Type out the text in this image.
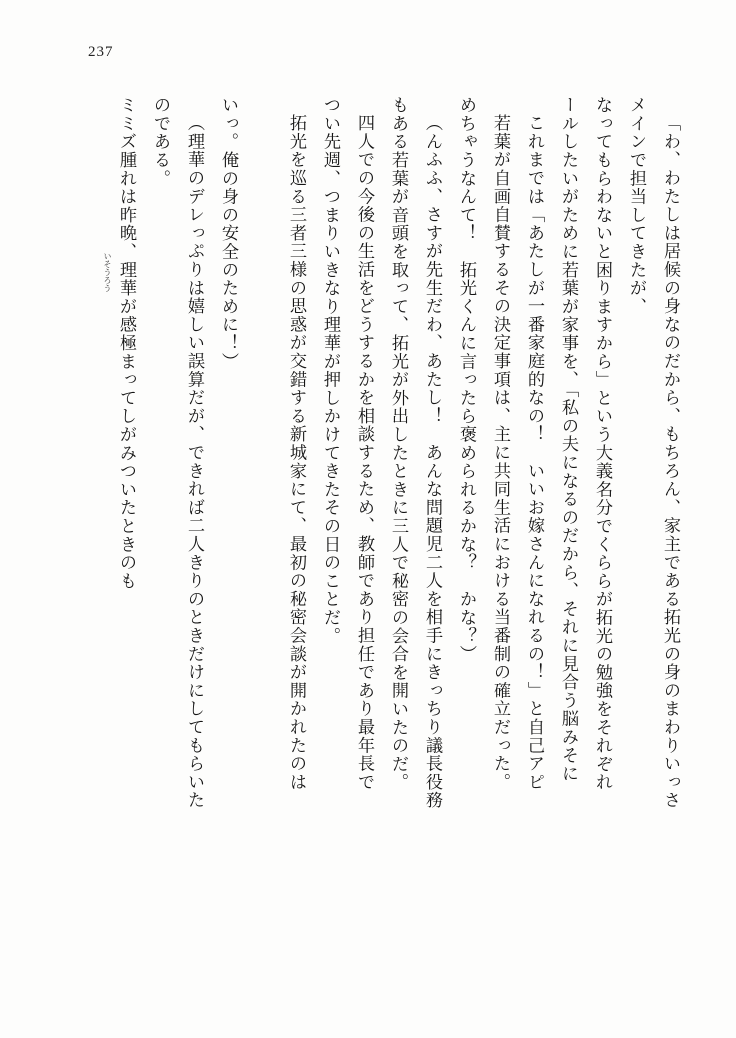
237
ミミズ腫れは昨晩、理華が感極まってしがみついたときのも のである。 （理華のデレっぷりは嬉しい誤算だが、できれば二人きりのときだけにしてもらいた いっ。俺の身の安全のために！）	拓光を巡る三者三様の思惑が交錯する新城家にて、最初の秘密会談が開かれたのは つい先週、つまりいきなり理華が押しかけてきたその日のことだ。 四人での今後の生活をどうするかを相談するため、教師であり担任であり最年長で もある若葉が音頭を取って、拓光が外出したときに三人で秘密の会合を開いたのだ。 （んふふ、さすが先生だわ、あたし！　あんな問題児二人を相手にきっちり議長役務 めちゃうなんて！　拓光くんに言ったら褒められるかな？　かな？） 若葉が自画自賛するその決定事項は、主に共同生活における当番制の確立だった。 これまでは「あたしが一番家庭的なの！　いいお嫁さんになれるの！」と自己アピ ールしたいがために若葉が家事を、「私の夫になるのだから、それに見合う脳みそに なってもらわないと困りますから」という大義名分でくららが拓光の勉強をそれぞれ メインで担当してきたが、 「わ、わたしは居候の身なのだから、もちろん、家主である拓光の身のまわりいっさ
いそうろう
